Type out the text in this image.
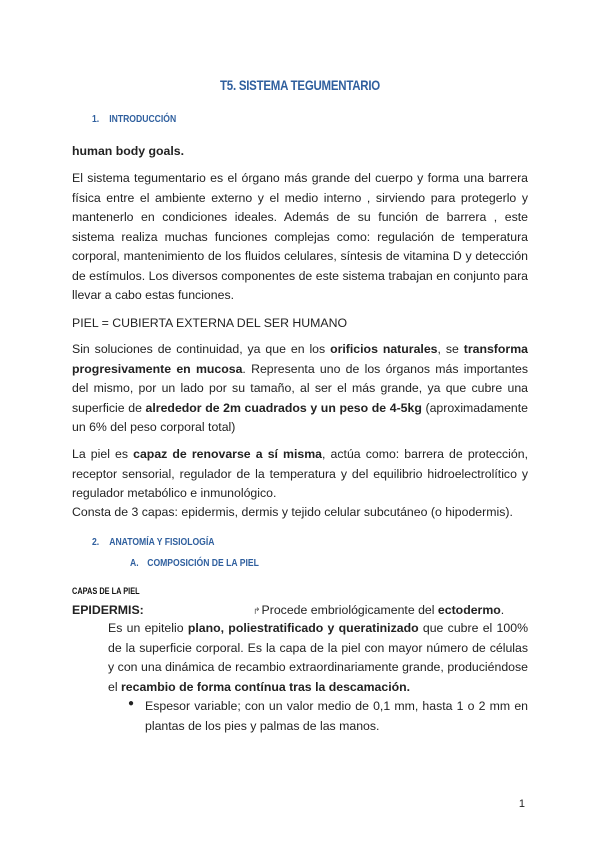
T5. SISTEMA TEGUMENTARIO
1. INTRODUCCIÓN
human body goals.

El sistema tegumentario es el órgano más grande del cuerpo y forma una barrera física entre el ambiente externo y el medio interno , sirviendo para protegerlo y mantenerlo en condiciones ideales. Además de su función de barrera , este sistema realiza muchas funciones complejas como: regulación de temperatura corporal, mantenimiento de los fluidos celulares, síntesis de vitamina D y detección de estímulos. Los diversos componentes de este sistema trabajan en conjunto para llevar a cabo estas funciones.

PIEL = CUBIERTA EXTERNA DEL SER HUMANO

Sin soluciones de continuidad, ya que en los orificios naturales, se transforma progresivamente en mucosa. Representa uno de los órganos más importantes del mismo, por un lado por su tamaño, al ser el más grande, ya que cubre una superficie de alrededor de 2m cuadrados y un peso de 4-5kg (aproximadamente un 6% del peso corporal total)

La piel es capaz de renovarse a sí misma, actúa como: barrera de protección, receptor sensorial, regulador de la temperatura y del equilibrio hidroelectrolítico y regulador metabólico e inmunológico.

Consta de 3 capas: epidermis, dermis y tejido celular subcutáneo (o hipodermis).
2. ANATOMÍA Y FISIOLOGÍA
A. COMPOSICIÓN DE LA PIEL
CAPAS DE LA PIEL
EPIDERMIS:	↱Procede embriológicamente del ectodermo.

Es un epitelio plano, poliestratificado y queratinizado que cubre el 100% de la superficie corporal. Es la capa de la piel con mayor número de células y con una dinámica de recambio extraordinariamente grande, produciéndose el recambio de forma contínua tras la descamación.

● Espesor variable; con un valor medio de 0,1 mm, hasta 1 o 2 mm en plantas de los pies y palmas de las manos.

1
